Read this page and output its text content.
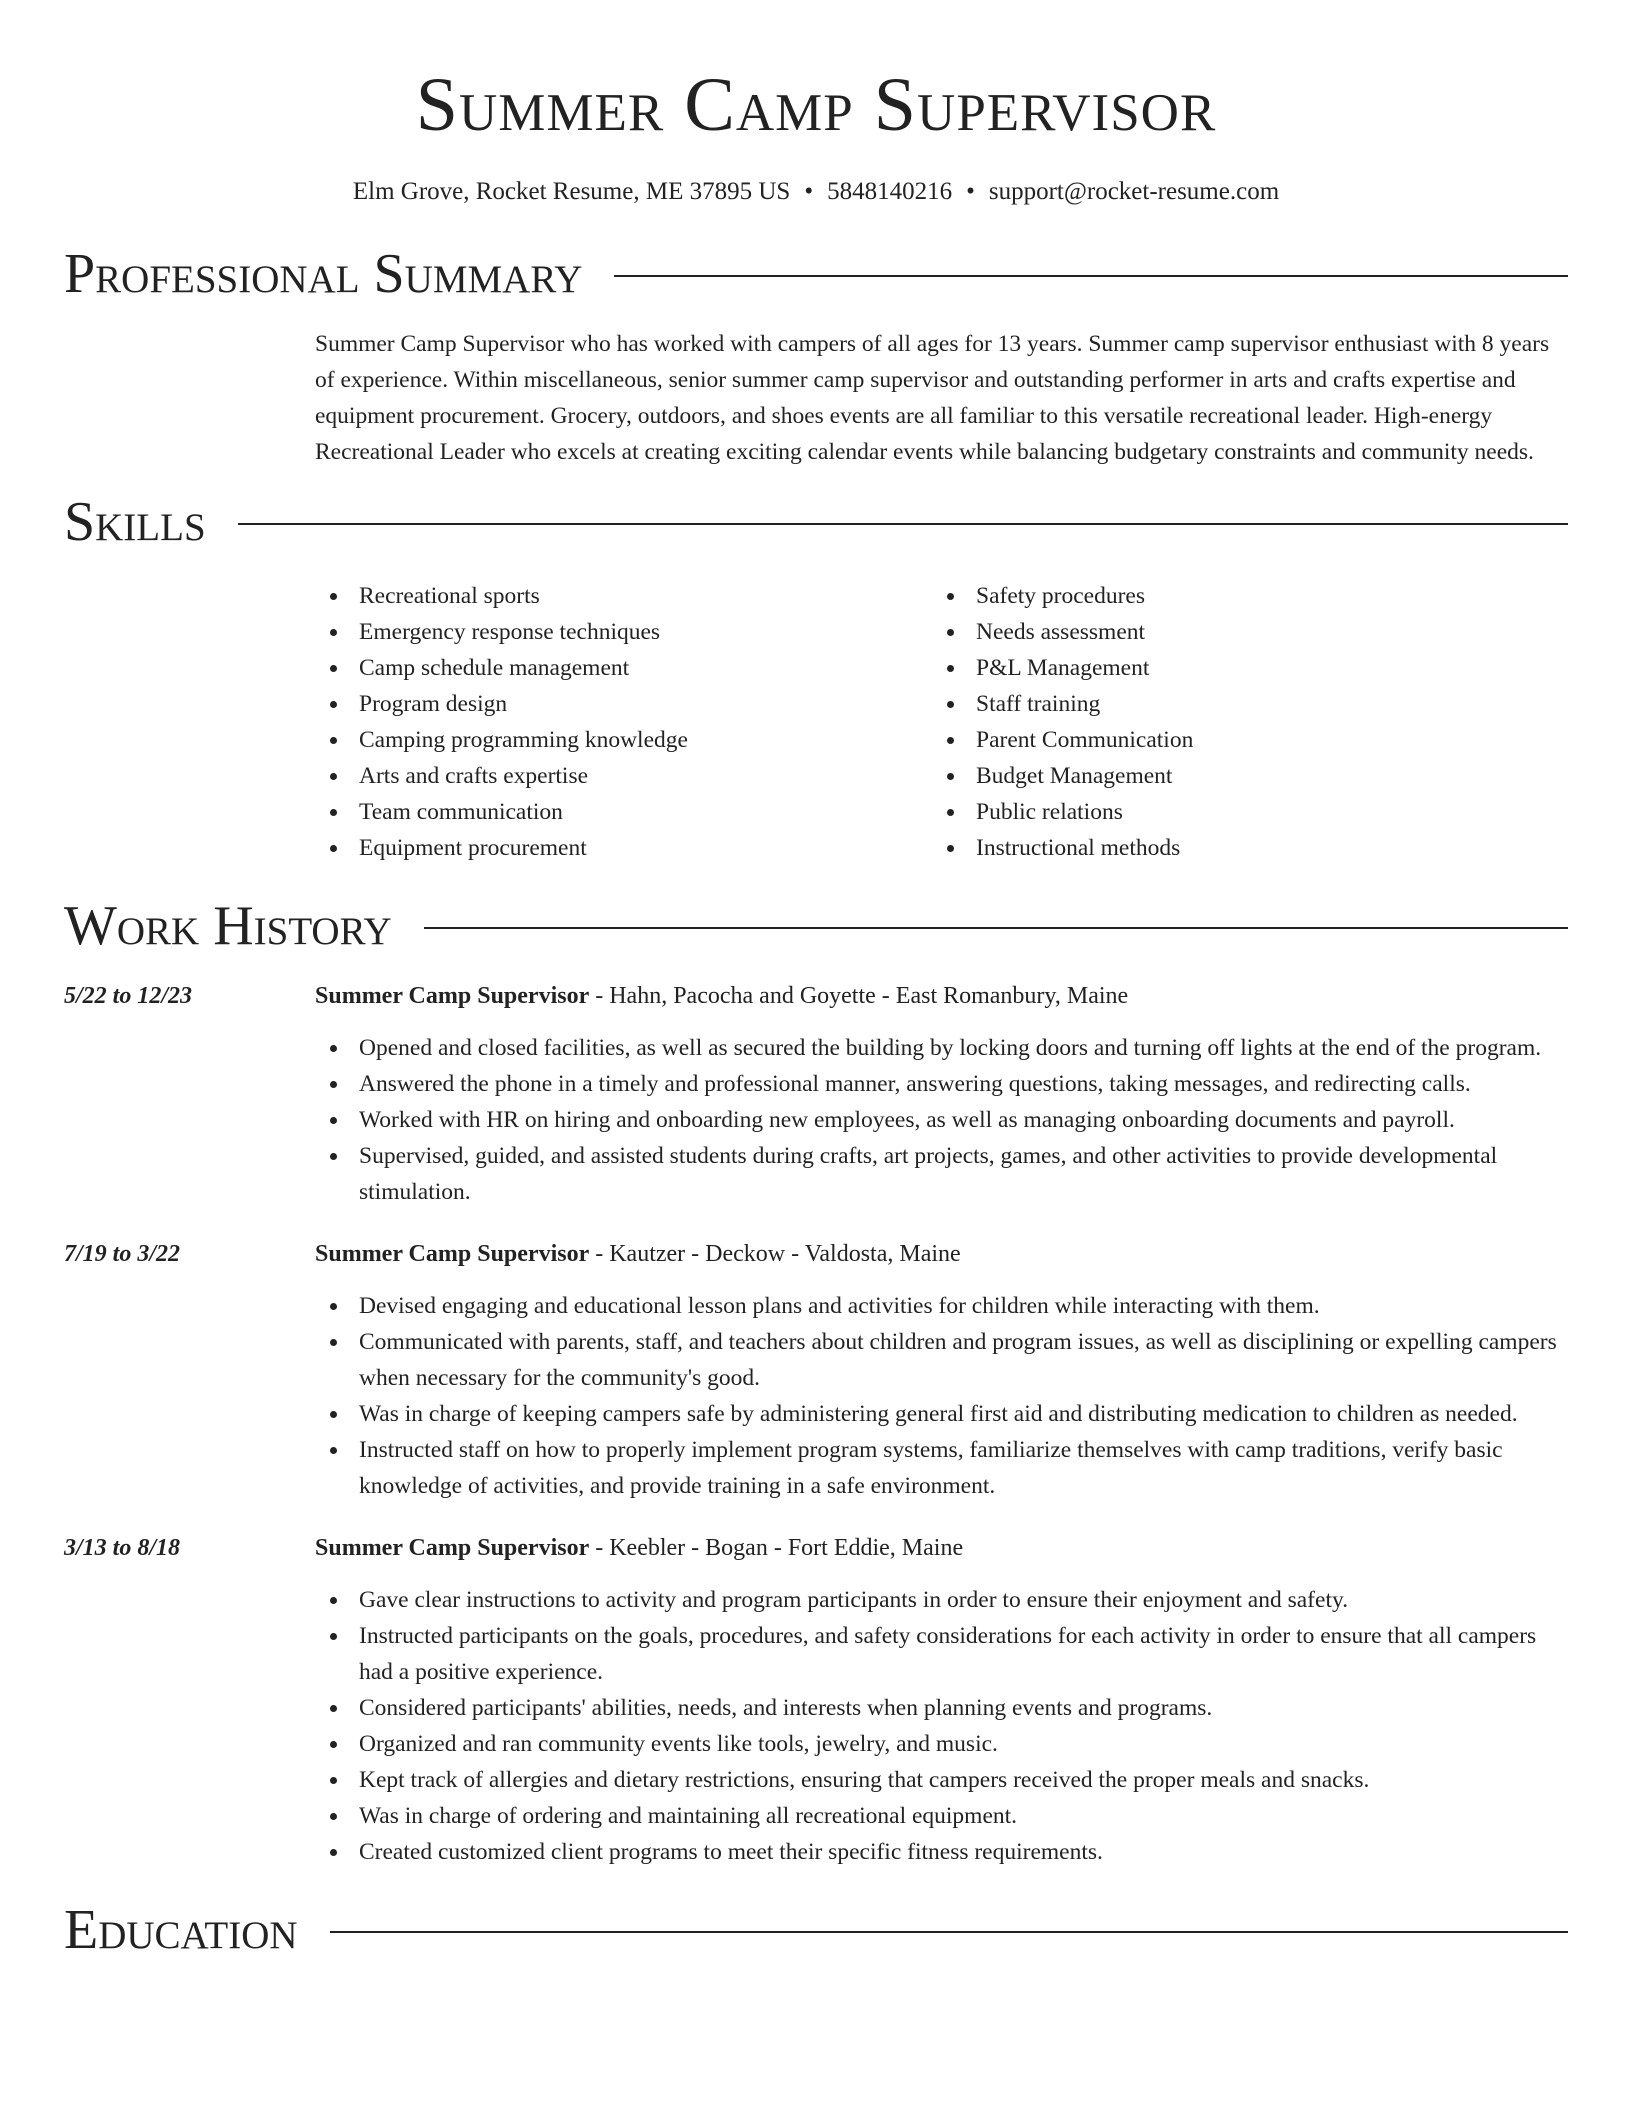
Summer Camp Supervisor
Elm Grove, Rocket Resume, ME 37895 US • 5848140216 • support@rocket-resume.com
Professional Summary
Summer Camp Supervisor who has worked with campers of all ages for 13 years. Summer camp supervisor enthusiast with 8 years of experience. Within miscellaneous, senior summer camp supervisor and outstanding performer in arts and crafts expertise and equipment procurement. Grocery, outdoors, and shoes events are all familiar to this versatile recreational leader. High-energy Recreational Leader who excels at creating exciting calendar events while balancing budgetary constraints and community needs.
Skills
Recreational sports
Emergency response techniques
Camp schedule management
Program design
Camping programming knowledge
Arts and crafts expertise
Team communication
Equipment procurement
Safety procedures
Needs assessment
P&L Management
Staff training
Parent Communication
Budget Management
Public relations
Instructional methods
Work History
5/22 to 12/23	Summer Camp Supervisor - Hahn, Pacocha and Goyette - East Romanbury, Maine
Opened and closed facilities, as well as secured the building by locking doors and turning off lights at the end of the program.
Answered the phone in a timely and professional manner, answering questions, taking messages, and redirecting calls.
Worked with HR on hiring and onboarding new employees, as well as managing onboarding documents and payroll.
Supervised, guided, and assisted students during crafts, art projects, games, and other activities to provide developmental stimulation.
7/19 to 3/22	Summer Camp Supervisor - Kautzer - Deckow - Valdosta, Maine
Devised engaging and educational lesson plans and activities for children while interacting with them.
Communicated with parents, staff, and teachers about children and program issues, as well as disciplining or expelling campers when necessary for the community's good.
Was in charge of keeping campers safe by administering general first aid and distributing medication to children as needed.
Instructed staff on how to properly implement program systems, familiarize themselves with camp traditions, verify basic knowledge of activities, and provide training in a safe environment.
3/13 to 8/18	Summer Camp Supervisor - Keebler - Bogan - Fort Eddie, Maine
Gave clear instructions to activity and program participants in order to ensure their enjoyment and safety.
Instructed participants on the goals, procedures, and safety considerations for each activity in order to ensure that all campers had a positive experience.
Considered participants' abilities, needs, and interests when planning events and programs.
Organized and ran community events like tools, jewelry, and music.
Kept track of allergies and dietary restrictions, ensuring that campers received the proper meals and snacks.
Was in charge of ordering and maintaining all recreational equipment.
Created customized client programs to meet their specific fitness requirements.
Education
